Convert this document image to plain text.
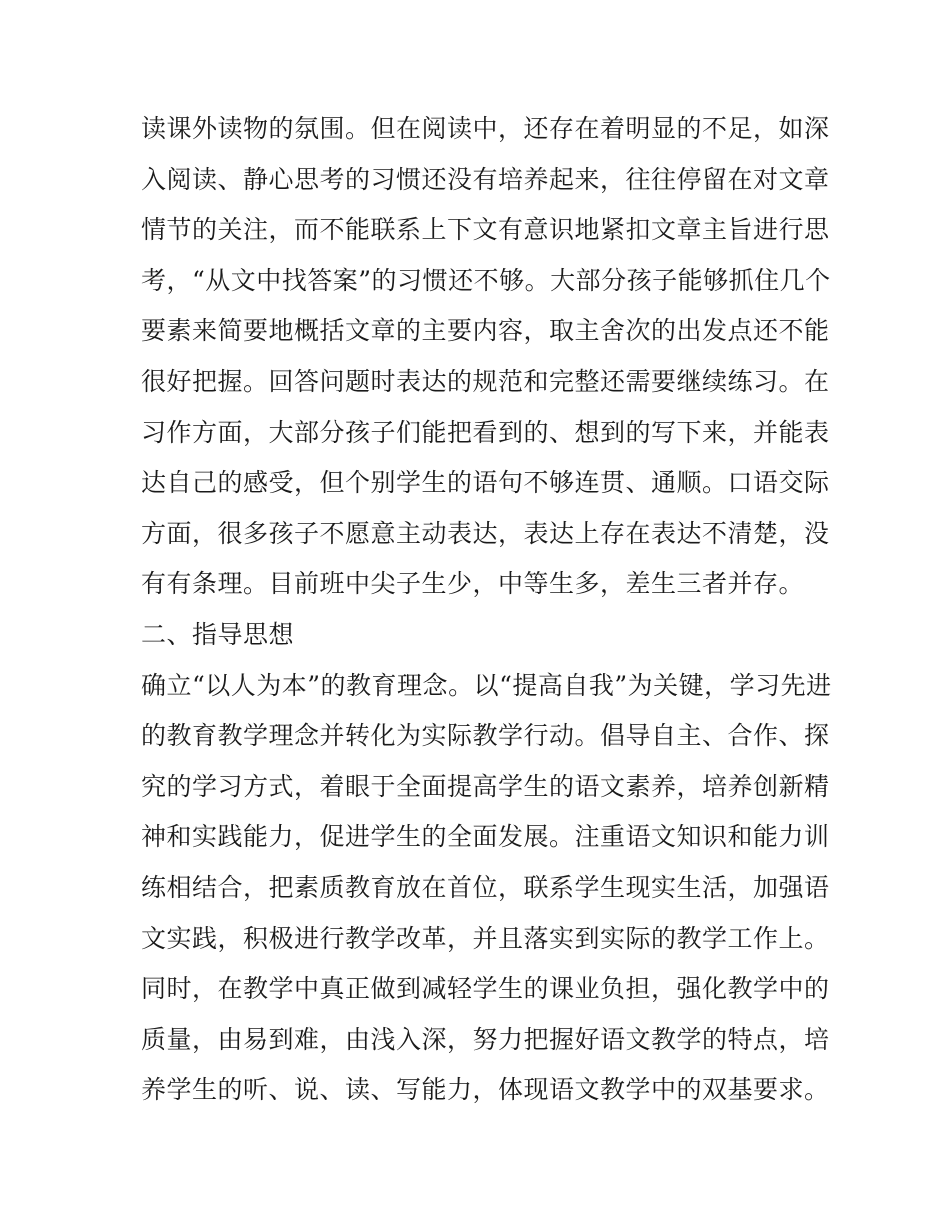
读课外读物的氛围。但在阅读中，还存在着明显的不足，如深
入阅读、静心思考的习惯还没有培养起来，往往停留在对文章
情节的关注，而不能联系上下文有意识地紧扣文章主旨进行思
考，“从文中找答案”的习惯还不够。大部分孩子能够抓住几个
要素来简要地概括文章的主要内容，取主舍次的出发点还不能
很好把握。回答问题时表达的规范和完整还需要继续练习。在
习作方面，大部分孩子们能把看到的、想到的写下来，并能表
达自己的感受，但个别学生的语句不够连贯、通顺。口语交际
方面，很多孩子不愿意主动表达，表达上存在表达不清楚，没
有有条理。目前班中尖子生少，中等生多，差生三者并存。
二、指导思想
确立“以人为本”的教育理念。以“提高自我”为关键，学习先进
的教育教学理念并转化为实际教学行动。倡导自主、合作、探
究的学习方式，着眼于全面提高学生的语文素养，培养创新精
神和实践能力，促进学生的全面发展。注重语文知识和能力训
练相结合，把素质教育放在首位，联系学生现实生活，加强语
文实践，积极进行教学改革，并且落实到实际的教学工作上。
同时，在教学中真正做到减轻学生的课业负担，强化教学中的
质量，由易到难，由浅入深，努力把握好语文教学的特点，培
养学生的听、说、读、写能力，体现语文教学中的双基要求。
